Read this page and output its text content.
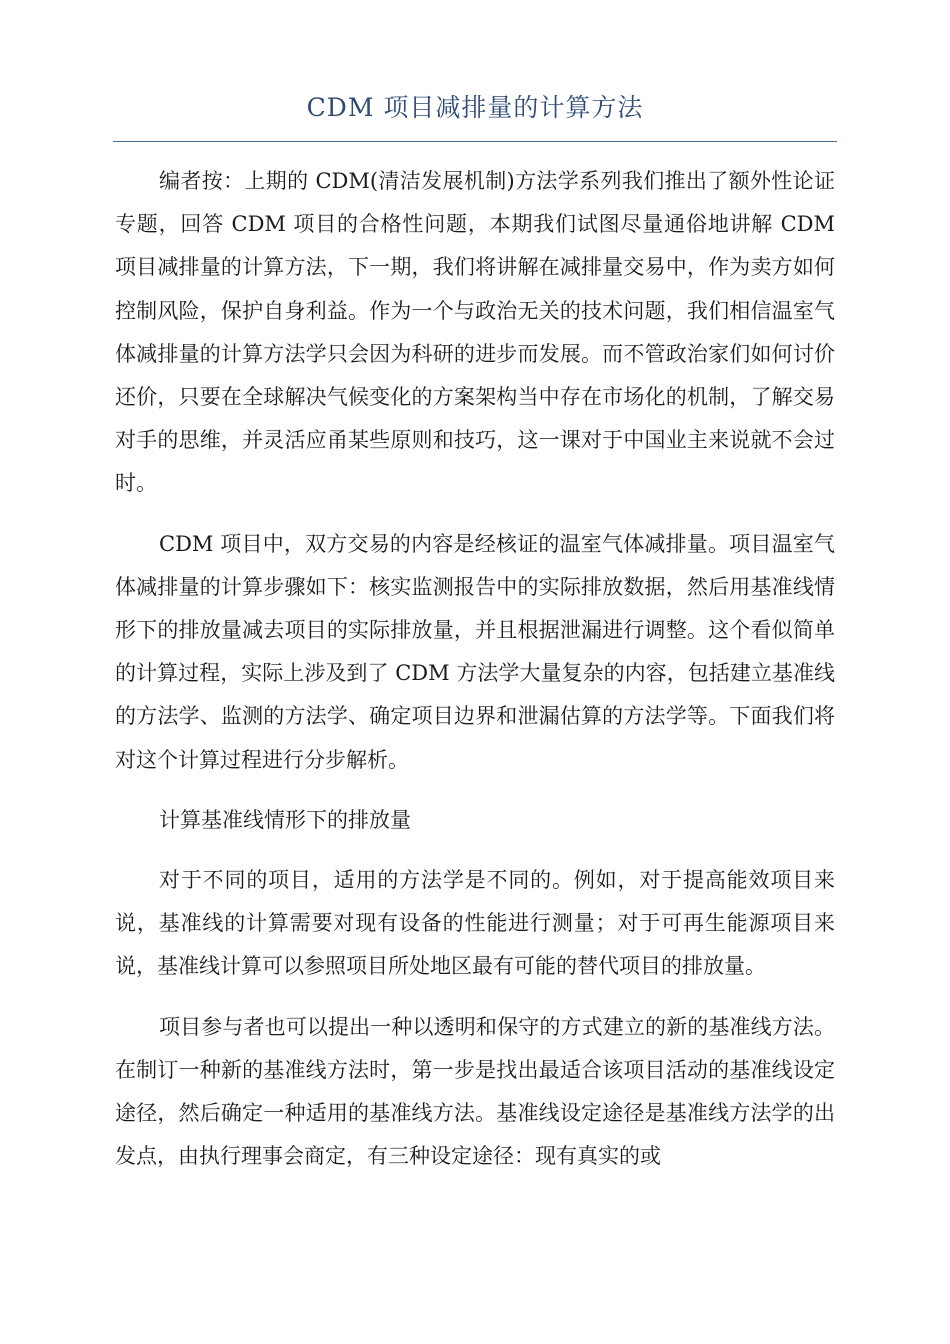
CDM 项目减排量的计算方法

编者按：上期的 CDM(清洁发展机制)方法学系列我们推出了额外性论证专题，回答 CDM 项目的合格性问题，本期我们试图尽量通俗地讲解 CDM 项目减排量的计算方法，下一期，我们将讲解在减排量交易中，作为卖方如何控制风险，保护自身利益。作为一个与政治无关的技术问题，我们相信温室气体减排量的计算方法学只会因为科研的进步而发展。而不管政治家们如何讨价还价，只要在全球解决气候变化的方案架构当中存在市场化的机制，了解交易对手的思维，并灵活应甬某些原则和技巧，这一课对于中国业主来说就不会过时。

CDM 项目中，双方交易的内容是经核证的温室气体减排量。项目温室气体减排量的计算步骤如下：核实监测报告中的实际排放数据，然后用基准线情形下的排放量减去项目的实际排放量，并且根据泄漏进行调整。这个看似简单的计算过程，实际上涉及到了 CDM 方法学大量复杂的内容，包括建立基准线的方法学、监测的方法学、确定项目边界和泄漏估算的方法学等。下面我们将对这个计算过程进行分步解析。

计算基准线情形下的排放量

对于不同的项目，适用的方法学是不同的。例如，对于提高能效项目来说，基准线的计算需要对现有设备的性能进行测量；对于可再生能源项目来说，基准线计算可以参照项目所处地区最有可能的替代项目的排放量。

项目参与者也可以提出一种以透明和保守的方式建立的新的基准线方法。在制订一种新的基准线方法时，第一步是找出最适合该项目活动的基准线设定途径，然后确定一种适用的基准线方法。基准线设定途径是基准线方法学的出发点，由执行理事会商定，有三种设定途径：现有真实的或
